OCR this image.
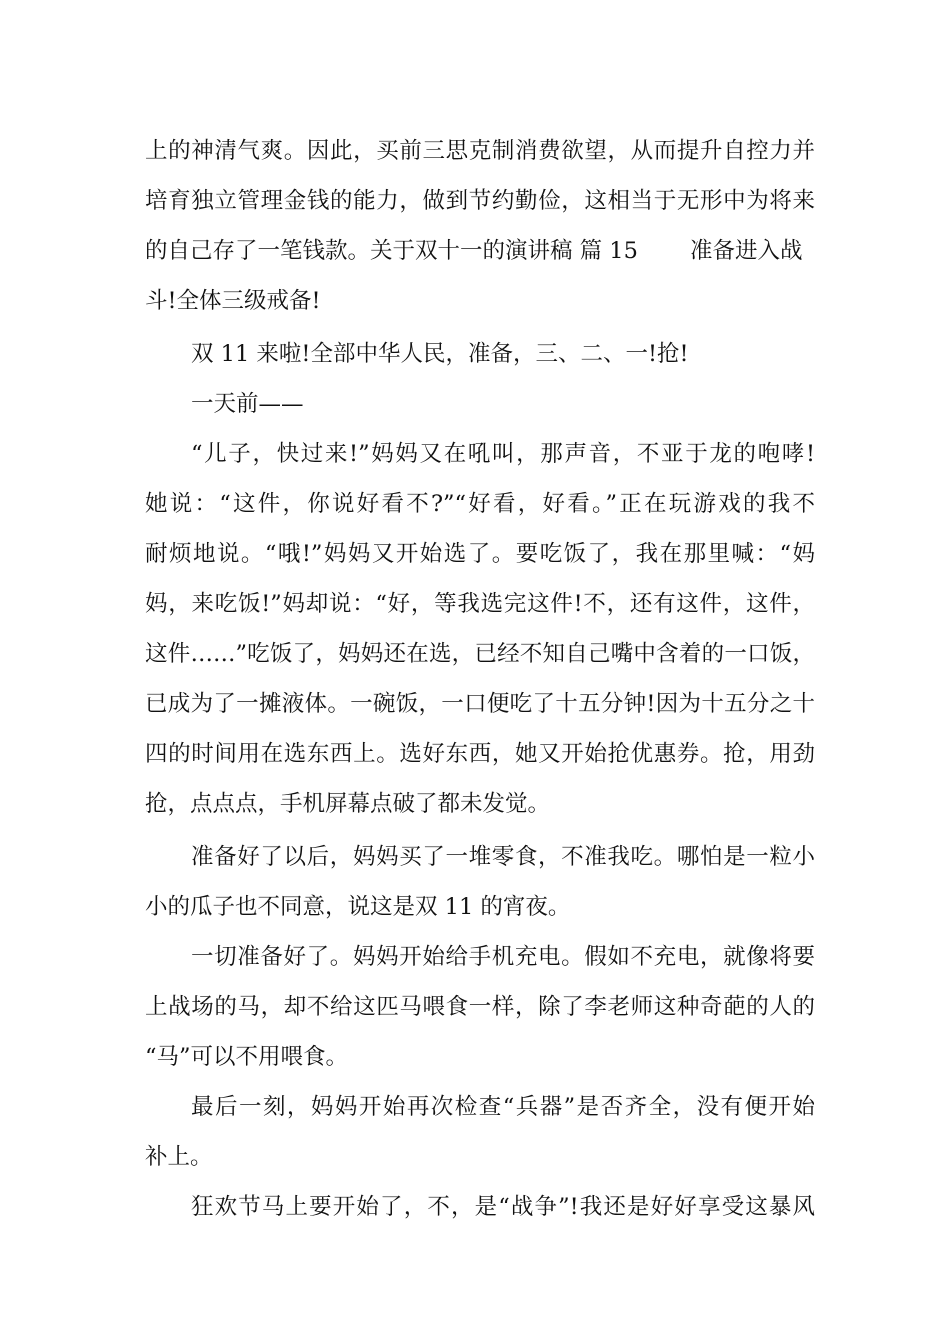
上的神清气爽。因此，买前三思克制消费欲望，从而提升自控力并
培育独立管理金钱的能力，做到节约勤俭，这相当于无形中为将来
的自己存了一笔钱款。关于双十一的演讲稿 篇 15 准备进入战
斗!全体三级戒备!
双 11 来啦!全部中华人民，准备，三、二、一!抢!
一天前——
“儿子，快过来!”妈妈又在吼叫，那声音，不亚于龙的咆哮!
她说：“这件，你说好看不?”“好看，好看。”正在玩游戏的我不
耐烦地说。“哦!”妈妈又开始选了。要吃饭了，我在那里喊：“妈
妈，来吃饭!”妈却说：“好，等我选完这件!不，还有这件，这件，
这件……”吃饭了，妈妈还在选，已经不知自己嘴中含着的一口饭，
已成为了一摊液体。一碗饭，一口便吃了十五分钟!因为十五分之十
四的时间用在选东西上。选好东西，她又开始抢优惠券。抢，用劲
抢，点点点，手机屏幕点破了都未发觉。
准备好了以后，妈妈买了一堆零食，不准我吃。哪怕是一粒小
小的瓜子也不同意，说这是双 11 的宵夜。
一切准备好了。妈妈开始给手机充电。假如不充电，就像将要
上战场的马，却不给这匹马喂食一样，除了李老师这种奇葩的人的
“马”可以不用喂食。
最后一刻，妈妈开始再次检查“兵器”是否齐全，没有便开始
补上。
狂欢节马上要开始了，不，是“战争”!我还是好好享受这暴风
